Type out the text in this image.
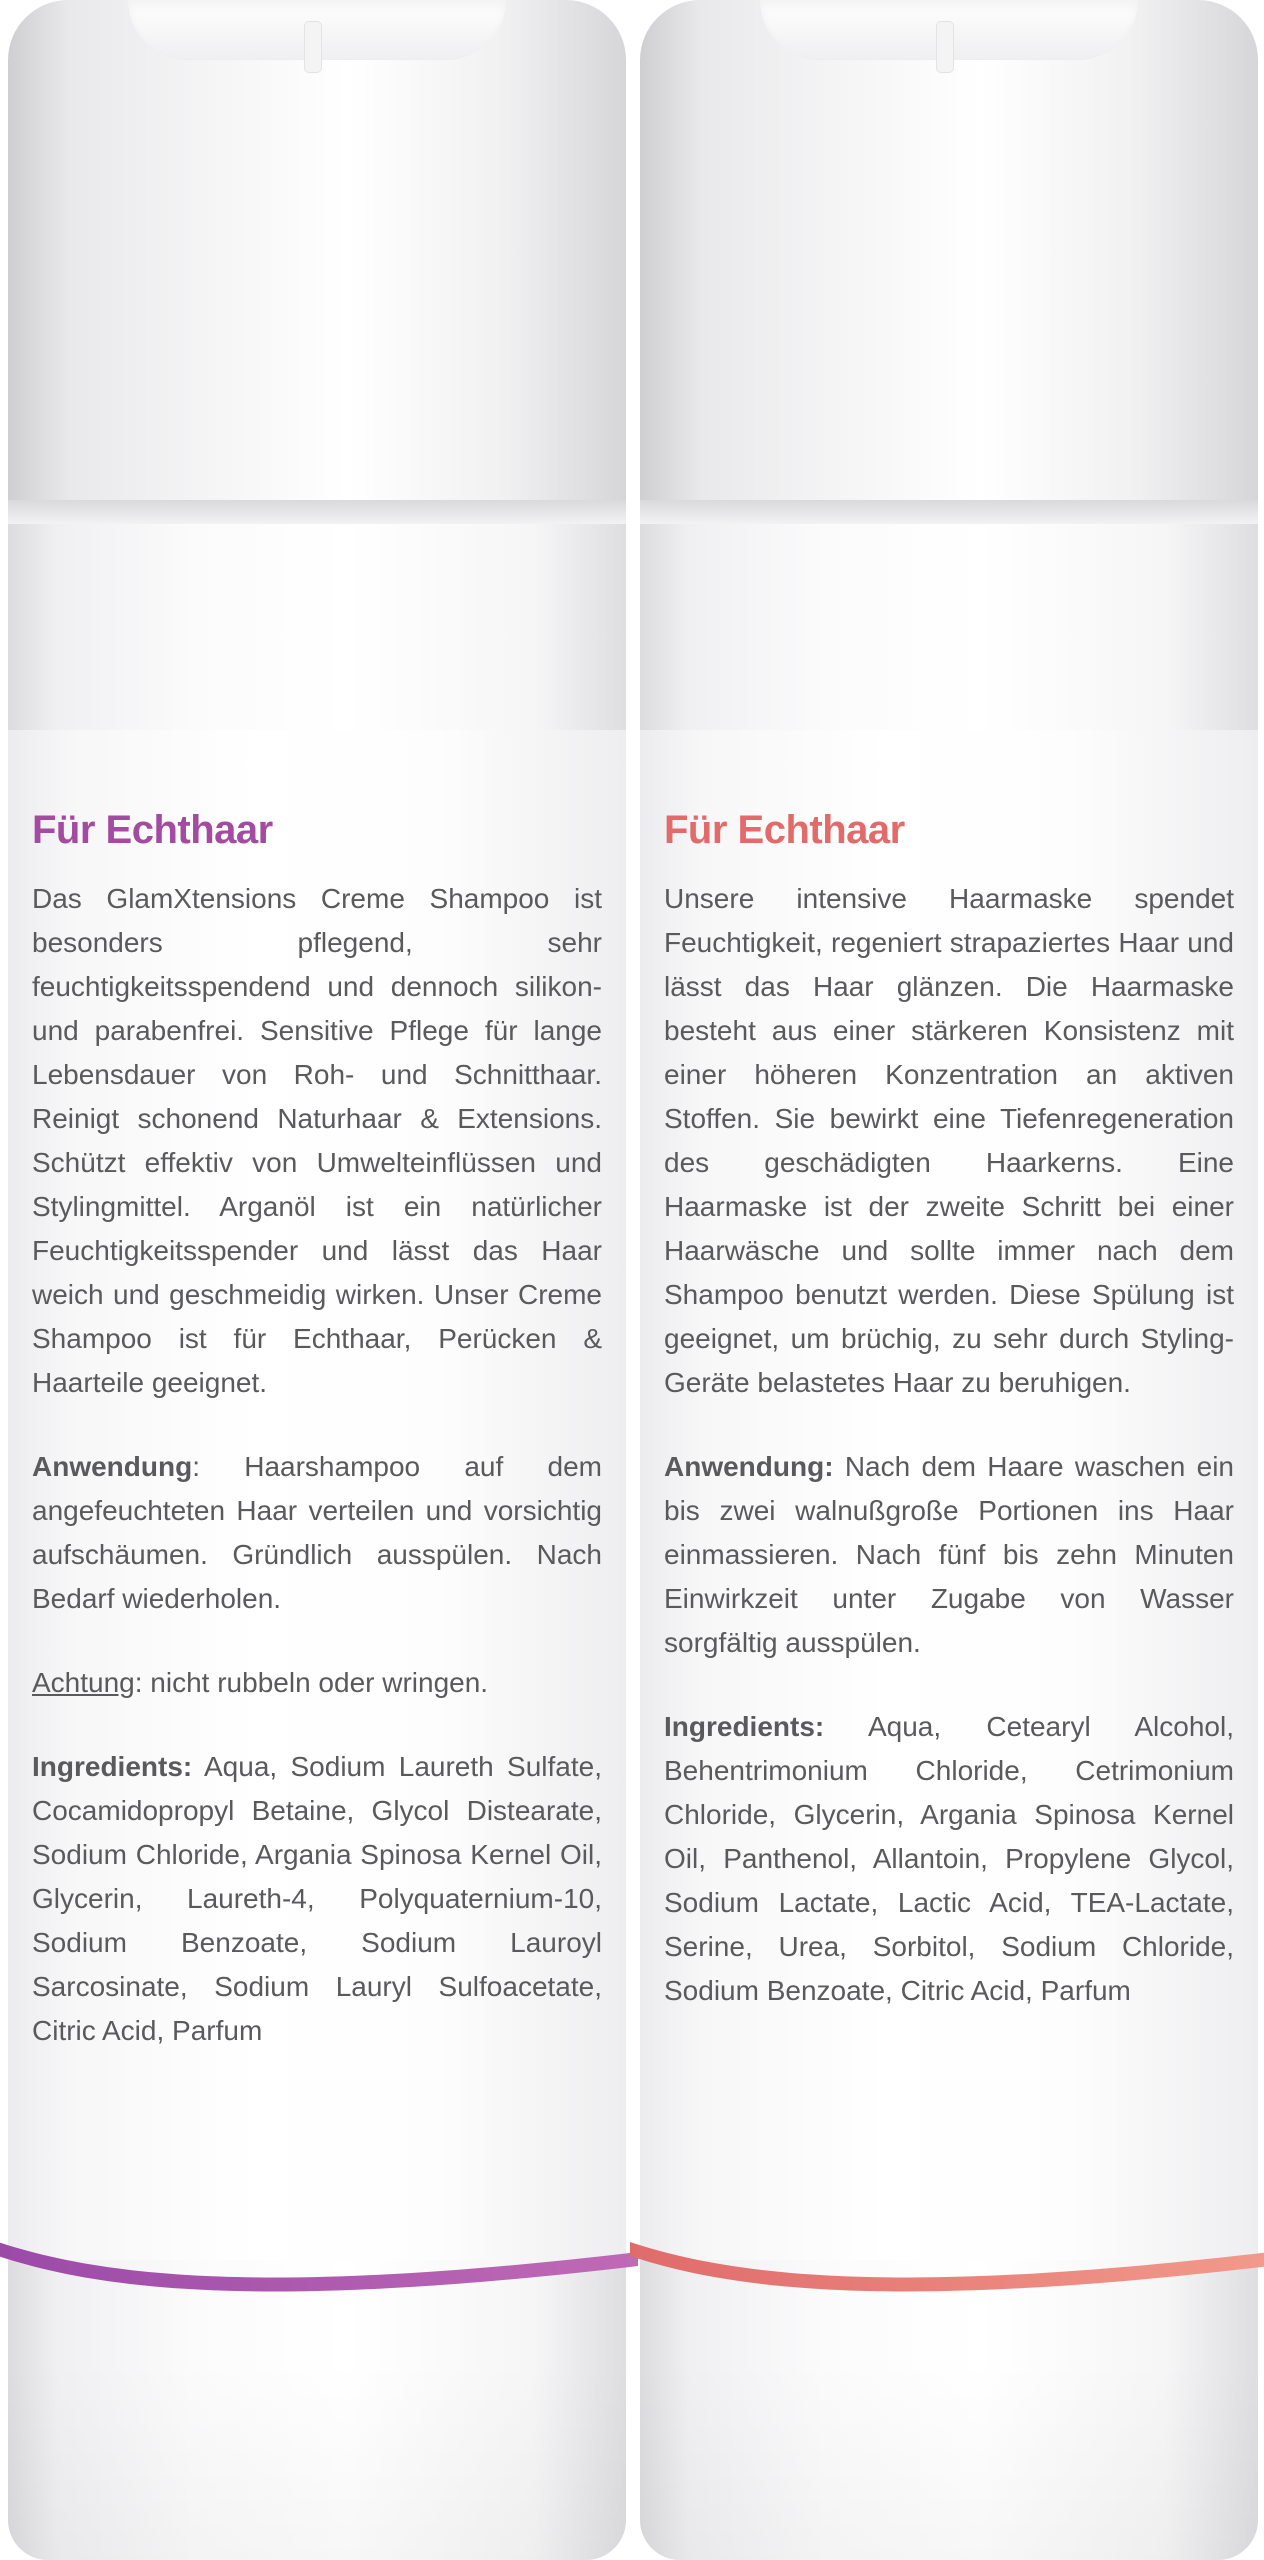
Für Echthaar

Das GlamXtensions Creme Shampoo ist besonders pflegend, sehr feuchtigkeitsspendend und dennoch silikon- und parabenfrei. Sensitive Pflege für lange Lebensdauer von Roh- und Schnitthaar. Reinigt schonend Naturhaar & Extensions. Schützt effektiv von Umwelteinflüssen und Stylingmittel. Arganöl ist ein natürlicher Feuchtigkeitsspender und lässt das Haar weich und geschmeidig wirken. Unser Creme Shampoo ist für Echthaar, Perücken & Haarteile geeignet.

Anwendung: Haarshampoo auf dem angefeuchteten Haar verteilen und vorsichtig aufschäumen. Gründlich ausspülen. Nach Bedarf wiederholen.

Achtung: nicht rubbeln oder wringen.

Ingredients: Aqua, Sodium Laureth Sulfate, Cocamidopropyl Betaine, Glycol Distearate, Sodium Chloride, Argania Spinosa Kernel Oil, Glycerin, Laureth-4, Polyquaternium-10, Sodium Benzoate, Sodium Lauroyl Sarcosinate, Sodium Lauryl Sulfoacetate, Citric Acid, Parfum

Für Echthaar

Unsere intensive Haarmaske spendet Feuchtigkeit, regeniert strapaziertes Haar und lässt das Haar glänzen. Die Haarmaske besteht aus einer stärkeren Konsistenz mit einer höheren Konzentration an aktiven Stoffen. Sie bewirkt eine Tiefenregeneration des geschädigten Haarkerns. Eine Haarmaske ist der zweite Schritt bei einer Haarwäsche und sollte immer nach dem Shampoo benutzt werden. Diese Spülung ist geeignet, um brüchig, zu sehr durch Styling-Geräte belastetes Haar zu beruhigen.

Anwendung: Nach dem Haare waschen ein bis zwei walnußgroße Portionen ins Haar einmassieren. Nach fünf bis zehn Minuten Einwirkzeit unter Zugabe von Wasser sorgfältig ausspülen.

Ingredients: Aqua, Cetearyl Alcohol, Behentrimonium Chloride, Cetrimonium Chloride, Glycerin, Argania Spinosa Kernel Oil, Panthenol, Allantoin, Propylene Glycol, Sodium Lactate, Lactic Acid, TEA-Lactate, Serine, Urea, Sorbitol, Sodium Chloride, Sodium Benzoate, Citric Acid, Parfum
